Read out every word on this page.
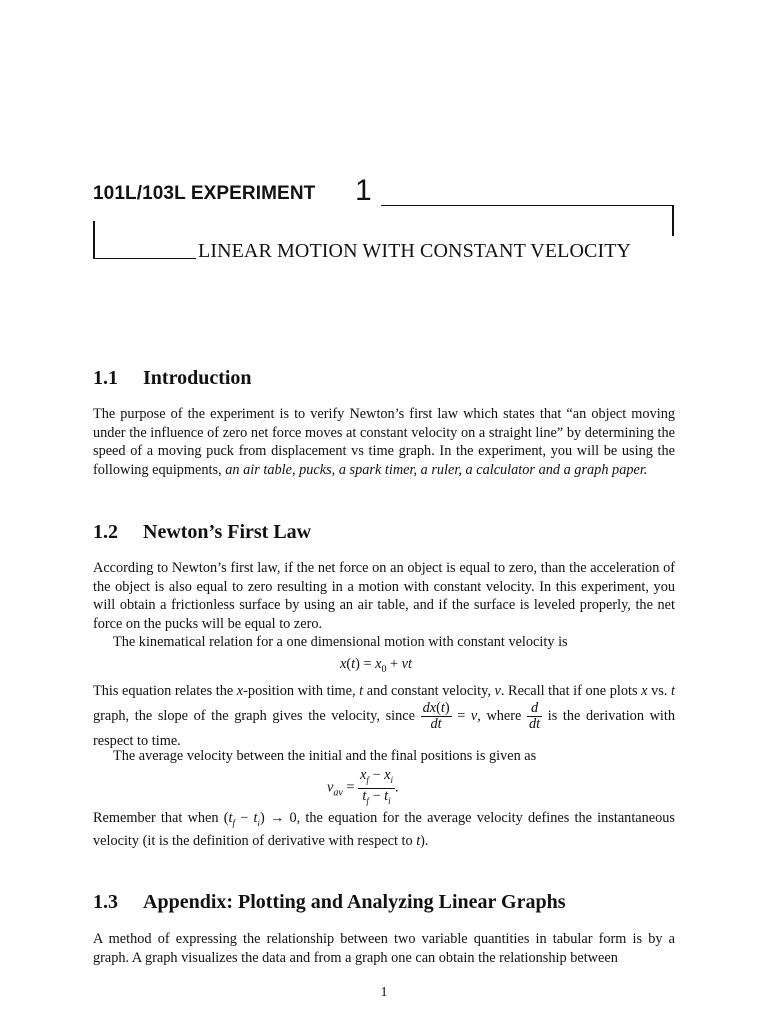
101L/103L EXPERIMENT 1
LINEAR MOTION WITH CONSTANT VELOCITY
1.1 Introduction
The purpose of the experiment is to verify Newton’s first law which states that “an object moving under the influence of zero net force moves at constant velocity on a straight line” by determining the speed of a moving puck from displacement vs time graph. In the experiment, you will be using the following equipments, an air table, pucks, a spark timer, a ruler, a calculator and a graph paper.
1.2 Newton’s First Law
According to Newton’s first law, if the net force on an object is equal to zero, than the acceleration of the object is also equal to zero resulting in a motion with constant velocity. In this experiment, you will obtain a frictionless surface by using an air table, and if the surface is leveled properly, the net force on the pucks will be equal to zero.
The kinematical relation for a one dimensional motion with constant velocity is
$x(t) = x_0$ + vt
This equation relates the x-position with time, t and constant velocity, v. Recall that if one plots x vs. t graph, the slope of the graph gives the velocity, since $\frac{dx(t)}{dt} = v$, where $\frac{d}{dt}$ is the derivation with respect to time.
The average velocity between the initial and the final positions is given as
$v_{av} = \frac{x_f - x_i}{t_f - t_i}$ .
Remember that when $(t_f - t_i) \to 0$, the equation for the average velocity defines the instantaneous velocity (it is the definition of derivative with respect to t).
1.3 Appendix: Plotting and Analyzing Linear Graphs
A method of expressing the relationship between two variable quantities in tabular form is by a graph. A graph visualizes the data and from a graph one can obtain the relationship between
1
